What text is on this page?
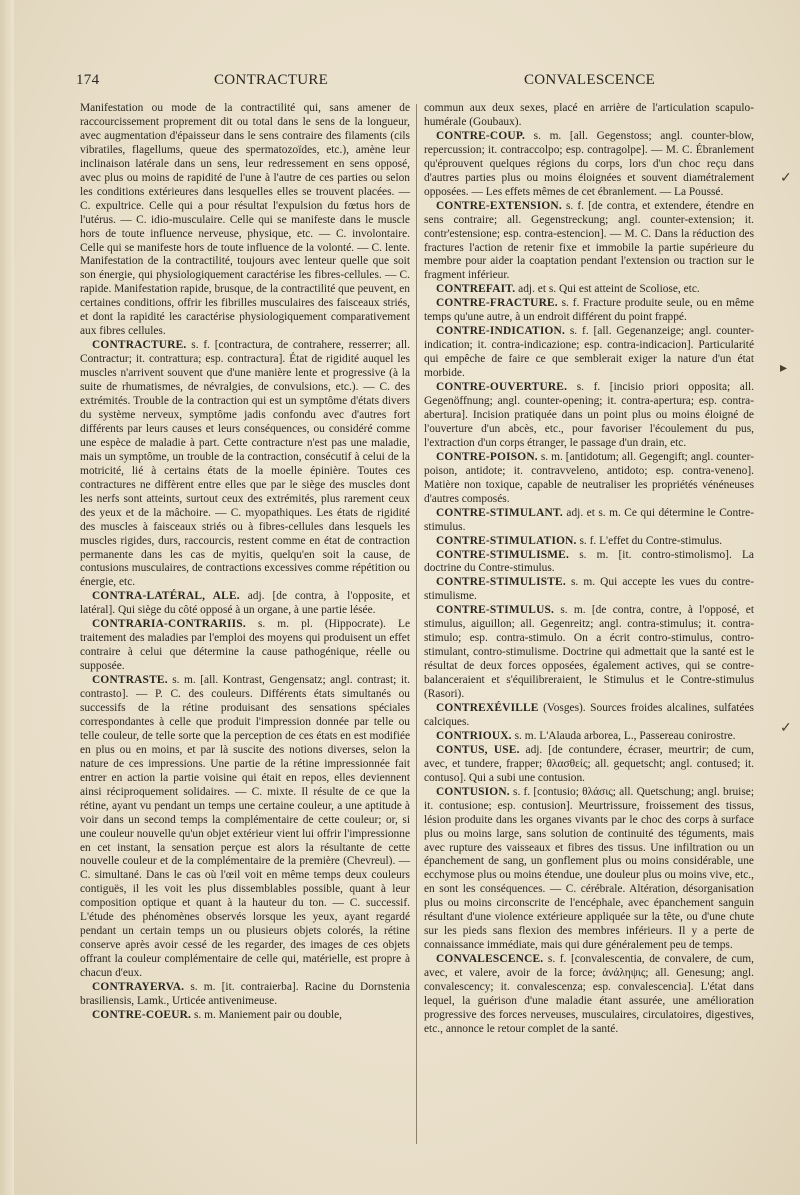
174	CONTRACTURE	CONVALESCENCE

Manifestation ou mode de la contractilité qui, sans amener de raccourcissement proprement dit ou total dans le sens de la longueur, avec augmentation d'épaisseur dans le sens contraire des filaments (cils vibratiles, flagellums, queue des spermatozoïdes, etc.), amène leur inclinaison latérale dans un sens, leur redressement en sens opposé, avec plus ou moins de rapidité de l'une à l'autre de ces parties ou selon les conditions extérieures dans lesquelles elles se trouvent placées. — C. expultrice. Celle qui a pour résultat l'expulsion du fœtus hors de l'utérus. — C. idio-musculaire. Celle qui se manifeste dans le muscle hors de toute influence nerveuse, physique, etc. — C. involontaire. Celle qui se manifeste hors de toute influence de la volonté. — C. lente. Manifestation de la contractilité, toujours avec lenteur quelle que soit son énergie, qui physiologiquement caractérise les fibres-cellules. — C. rapide. Manifestation rapide, brusque, de la contractilité que peuvent, en certaines conditions, offrir les fibrilles musculaires des faisceaux striés, et dont la rapidité les caractérise physiologiquement comparativement aux fibres cellules.

CONTRACTURE. s. f. [contractura, de contrahere, resserrer; all. Contractur; it. contrattura; esp. contractura]. État de rigidité auquel les muscles n'arrivent souvent que d'une manière lente et progressive (à la suite de rhumatismes, de névralgies, de convulsions, etc.). — C. des extrémités. Trouble de la contraction qui est un symptôme d'états divers du système nerveux, symptôme jadis confondu avec d'autres fort différents par leurs causes et leurs conséquences, ou considéré comme une espèce de maladie à part. Cette contracture n'est pas une maladie, mais un symptôme, un trouble de la contraction, consécutif à celui de la motricité, lié à certains états de la moelle épinière. Toutes ces contractures ne diffèrent entre elles que par le siège des muscles dont les nerfs sont atteints, surtout ceux des extrémités, plus rarement ceux des yeux et de la mâchoire. — C. myopathiques. Les états de rigidité des muscles à faisceaux striés ou à fibres-cellules dans lesquels les muscles rigides, durs, raccourcis, restent comme en état de contraction permanente dans les cas de myitis, quelqu'en soit la cause, de contusions musculaires, de contractions excessives comme répétition ou énergie, etc.

CONTRA-LATÉRAL, ALE. adj. [de contra, à l'opposite, et latéral]. Qui siège du côté opposé à un organe, à une partie lésée.

CONTRARIA-CONTRARIIS. s. m. pl. (Hippocrate). Le traitement des maladies par l'emploi des moyens qui produisent un effet contraire à celui que détermine la cause pathogénique, réelle ou supposée.

CONTRASTE. s. m. [all. Kontrast, Gengensatz; angl. contrast; it. contrasto]. — P. C. des couleurs. Différents états simultanés ou successifs de la rétine produisant des sensations spéciales correspondantes à celle que produit l'impression donnée par telle ou telle couleur, de telle sorte que la perception de ces états en est modifiée en plus ou en moins, et par là suscite des notions diverses, selon la nature de ces impressions. Une partie de la rétine impressionnée fait entrer en action la partie voisine qui était en repos, elles deviennent ainsi réciproquement solidaires. — C. mixte. Il résulte de ce que la rétine, ayant vu pendant un temps une certaine couleur, a une aptitude à voir dans un second temps la complémentaire de cette couleur; or, si une couleur nouvelle qu'un objet extérieur vient lui offrir l'impressionne en cet instant, la sensation perçue est alors la résultante de cette nouvelle couleur et de la complémentaire de la première (Chevreul). — C. simultané. Dans le cas où l'œil voit en même temps deux couleurs contiguës, il les voit les plus dissemblables possible, quant à leur composition optique et quant à la hauteur du ton. — C. successif. L'étude des phénomènes observés lorsque les yeux, ayant regardé pendant un certain temps un ou plusieurs objets colorés, la rétine conserve après avoir cessé de les regarder, des images de ces objets offrant la couleur complémentaire de celle qui, matérielle, est propre à chacun d'eux.

CONTRAYERVA. s. m. [it. contraierba]. Racine du Dornstenia brasiliensis, Lamk., Urticée antivenimeuse.

CONTRE-COEUR. s. m. Maniement pair ou double,

commun aux deux sexes, placé en arrière de l'articulation scapulo-humérale (Goubaux).

CONTRE-COUP. s. m. [all. Gegenstoss; angl. counter-blow, repercussion; it. contraccolpo; esp. contragolpe]. — M. C. Ébranlement qu'éprouvent quelques régions du corps, lors d'un choc reçu dans d'autres parties plus ou moins éloignées et souvent diamétralement opposées. — Les effets mêmes de cet ébranlement. — La Poussé.

CONTRE-EXTENSION. s. f. [de contra, et extendere, étendre en sens contraire; all. Gegenstreckung; angl. counter-extension; it. contr'estensione; esp. contra-estencion]. — M. C. Dans la réduction des fractures l'action de retenir fixe et immobile la partie supérieure du membre pour aider la coaptation pendant l'extension ou traction sur le fragment inférieur.

CONTREFAIT. adj. et s. Qui est atteint de Scoliose, etc.

CONTRE-FRACTURE. s. f. Fracture produite seule, ou en même temps qu'une autre, à un endroit différent du point frappé.

CONTRE-INDICATION. s. f. [all. Gegenanzeige; angl. counter-indication; it. contra-indicazione; esp. contra-indicacion]. Particularité qui empêche de faire ce que semblerait exiger la nature d'un état morbide.

CONTRE-OUVERTURE. s. f. [incisio priori opposita; all. Gegenöffnung; angl. counter-opening; it. contra-apertura; esp. contra-abertura]. Incision pratiquée dans un point plus ou moins éloigné de l'ouverture d'un abcès, etc., pour favoriser l'écoulement du pus, l'extraction d'un corps étranger, le passage d'un drain, etc.

CONTRE-POISON. s. m. [antidotum; all. Gegengift; angl. counter-poison, antidote; it. contravveleno, antidoto; esp. contra-veneno]. Matière non toxique, capable de neutraliser les propriétés vénéneuses d'autres composés.

CONTRE-STIMULANT. adj. et s. m. Ce qui détermine le Contre-stimulus.

CONTRE-STIMULATION. s. f. L'effet du Contre-stimulus.

CONTRE-STIMULISME. s. m. [it. contro-stimolismo]. La doctrine du Contre-stimulus.

CONTRE-STIMULISTE. s. m. Qui accepte les vues du contre-stimulisme.

CONTRE-STIMULUS. s. m. [de contra, contre, à l'opposé, et stimulus, aiguillon; all. Gegenreitz; angl. contra-stimulus; it. contra-stimulo; esp. contra-stimulo. On a écrit contro-stimulus, contro-stimulant, contro-stimulisme. Doctrine qui admettait que la santé est le résultat de deux forces opposées, également actives, qui se contre-balanceraient et s'équilibreraient, le Stimulus et le Contre-stimulus (Rasori).

CONTREXÉVILLE (Vosges). Sources froides alcalines, sulfatées calciques.

CONTRIOUX. s. m. L'Alauda arborea, L., Passereau conirostre.

CONTUS, USE. adj. [de contundere, écraser, meurtrir; de cum, avec, et tundere, frapper; θλασθείς; all. gequetscht; angl. contused; it. contuso]. Qui a subi une contusion.

CONTUSION. s. f. [contusio; θλάσις; all. Quetschung; angl. bruise; it. contusione; esp. contusion]. Meurtrissure, froissement des tissus, lésion produite dans les organes vivants par le choc des corps à surface plus ou moins large, sans solution de continuité des téguments, mais avec rupture des vaisseaux et fibres des tissus. Une infiltration ou un épanchement de sang, un gonflement plus ou moins considérable, une ecchymose plus ou moins étendue, une douleur plus ou moins vive, etc., en sont les conséquences. — C. cérébrale. Altération, désorganisation plus ou moins circonscrite de l'encéphale, avec épanchement sanguin résultant d'une violence extérieure appliquée sur la tête, ou d'une chute sur les pieds sans flexion des membres inférieurs. Il y a perte de connaissance immédiate, mais qui dure généralement peu de temps.

CONVALESCENCE. s. f. [convalescentia, de convalere, de cum, avec, et valere, avoir de la force; ἀνάληψις; all. Genesung; angl. convalescency; it. convalescenza; esp. convalescencia]. L'état dans lequel, la guérison d'une maladie étant assurée, une amélioration progressive des forces nerveuses, musculaires, circulatoires, digestives, etc., annonce le retour complet de la santé.

✓
▸
✓
